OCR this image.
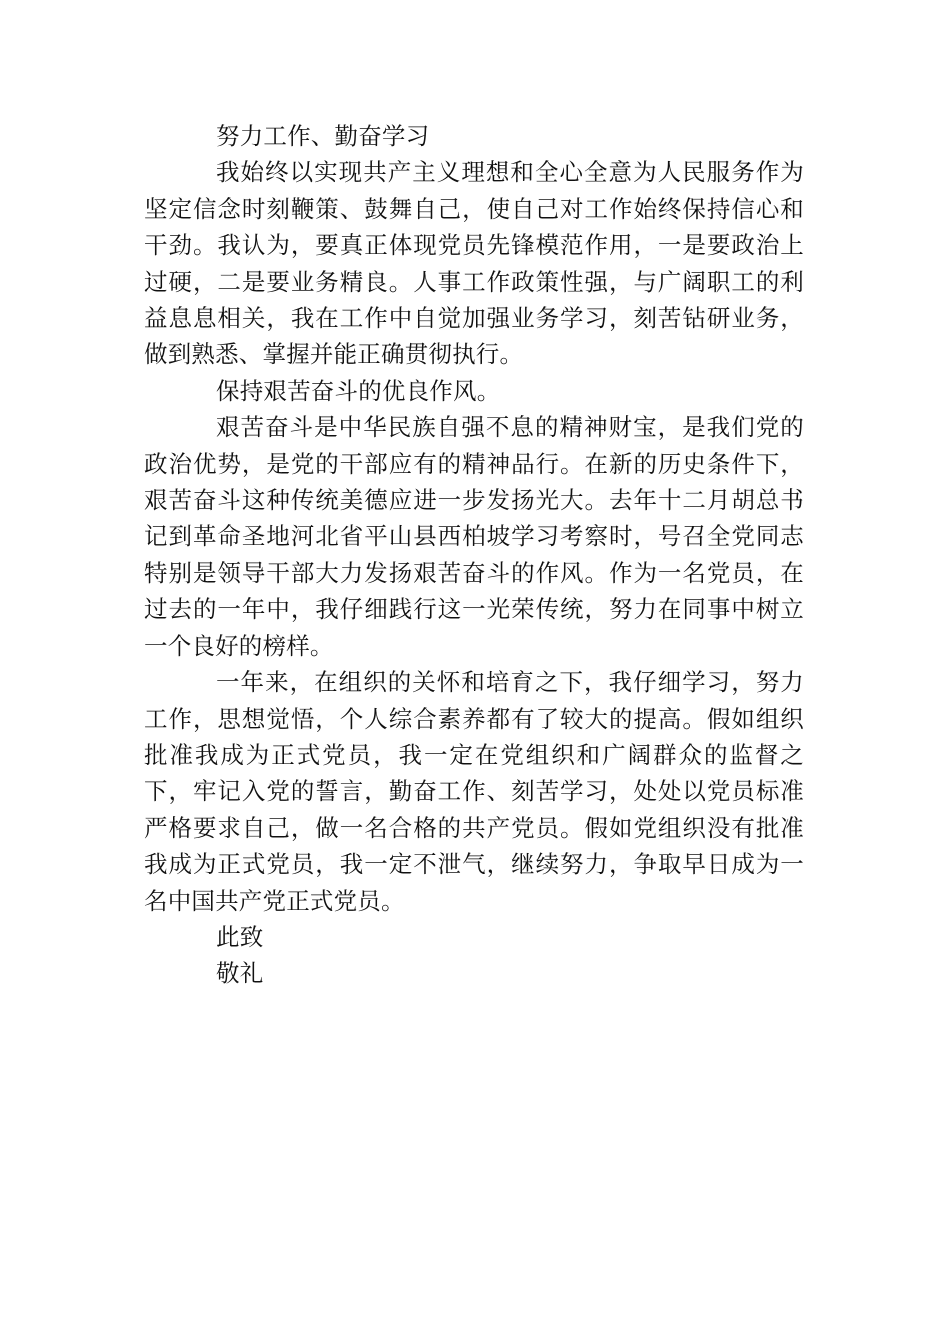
努力工作、勤奋学习

我始终以实现共产主义理想和全心全意为人民服务作为坚定信念时刻鞭策、鼓舞自己，使自己对工作始终保持信心和干劲。我认为，要真正体现党员先锋模范作用，一是要政治上过硬，二是要业务精良。人事工作政策性强，与广阔职工的利益息息相关，我在工作中自觉加强业务学习，刻苦钻研业务，做到熟悉、掌握并能正确贯彻执行。

保持艰苦奋斗的优良作风。

艰苦奋斗是中华民族自强不息的精神财宝，是我们党的政治优势，是党的干部应有的精神品行。在新的历史条件下，艰苦奋斗这种传统美德应进一步发扬光大。去年十二月胡总书记到革命圣地河北省平山县西柏坡学习考察时，号召全党同志特别是领导干部大力发扬艰苦奋斗的作风。作为一名党员，在过去的一年中，我仔细践行这一光荣传统，努力在同事中树立一个良好的榜样。

一年来，在组织的关怀和培育之下，我仔细学习，努力工作，思想觉悟，个人综合素养都有了较大的提高。假如组织批准我成为正式党员，我一定在党组织和广阔群众的监督之下，牢记入党的誓言，勤奋工作、刻苦学习，处处以党员标准严格要求自己，做一名合格的共产党员。假如党组织没有批准我成为正式党员，我一定不泄气，继续努力，争取早日成为一名中国共产党正式党员。

此致

敬礼
